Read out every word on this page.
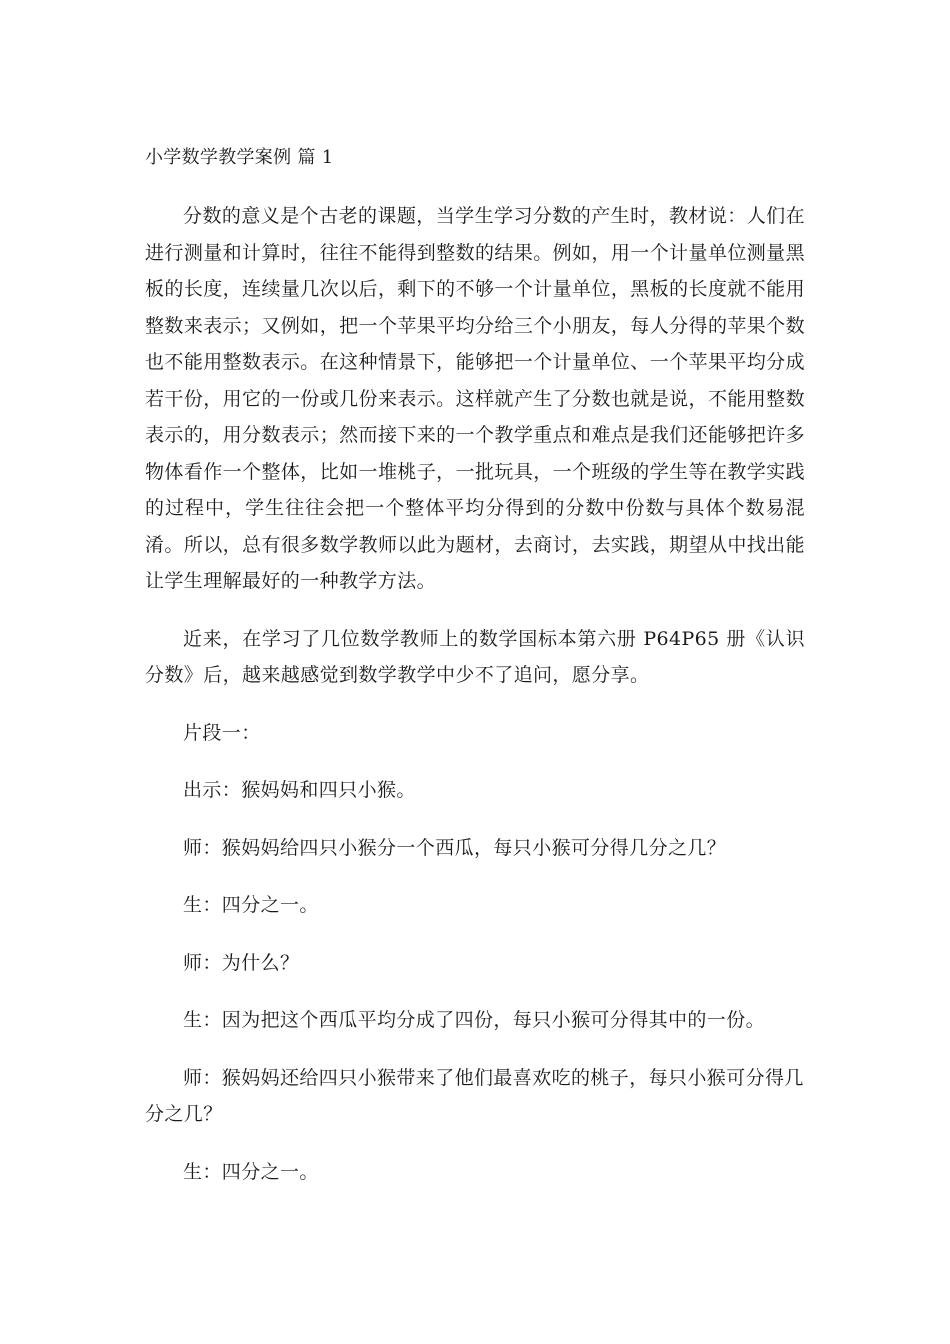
小学数学教学案例 篇 1

分数的意义是个古老的课题，当学生学习分数的产生时，教材说：人们在进行测量和计算时，往往不能得到整数的结果。例如，用一个计量单位测量黑板的长度，连续量几次以后，剩下的不够一个计量单位，黑板的长度就不能用整数来表示；又例如，把一个苹果平均分给三个小朋友，每人分得的苹果个数也不能用整数表示。在这种情景下，能够把一个计量单位、一个苹果平均分成若干份，用它的一份或几份来表示。这样就产生了分数也就是说，不能用整数表示的，用分数表示；然而接下来的一个教学重点和难点是我们还能够把许多物体看作一个整体，比如一堆桃子，一批玩具，一个班级的学生等在教学实践的过程中，学生往往会把一个整体平均分得到的分数中份数与具体个数易混淆。所以，总有很多数学教师以此为题材，去商讨，去实践，期望从中找出能让学生理解最好的一种教学方法。

近来，在学习了几位数学教师上的数学国标本第六册 P64P65 册《认识分数》后，越来越感觉到数学教学中少不了追问，愿分享。

片段一：

出示：猴妈妈和四只小猴。

师：猴妈妈给四只小猴分一个西瓜，每只小猴可分得几分之几？

生：四分之一。

师：为什么？

生：因为把这个西瓜平均分成了四份，每只小猴可分得其中的一份。

师：猴妈妈还给四只小猴带来了他们最喜欢吃的桃子，每只小猴可分得几分之几？

生：四分之一。
